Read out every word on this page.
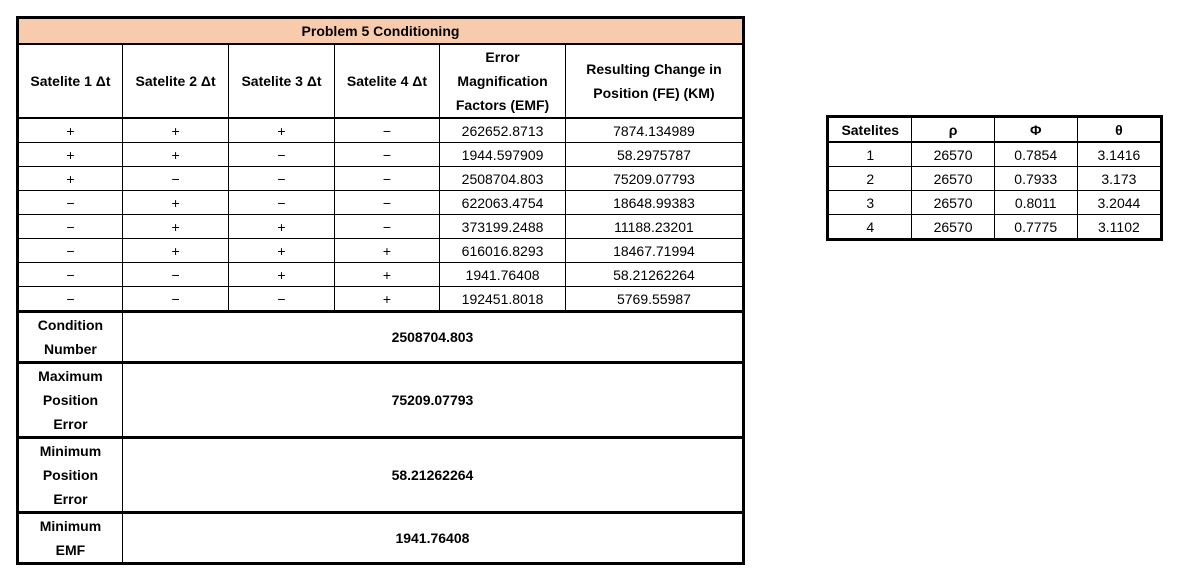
Problem 5 Conditioning					
Satelite 1 Δt	Satelite 2 Δt	Satelite 3 Δt	Satelite 4 Δt	Error Magnification Factors (EMF)	Resulting Change in Position (FE) (KM)
+	+	+	−	262652.8713	7874.134989
+	+	−	−	1944.597909	58.2975787
+	−	−	−	2508704.803	75209.07793
−	+	−	−	622063.4754	18648.99383
−	+	+	−	373199.2488	11188.23201
−	+	+	+	616016.8293	18467.71994
−	−	+	+	1941.76408	58.21262264
−	−	−	+	192451.8018	5769.55987
Condition Number	2508704.803				
Maximum Position Error	75209.07793				
Minimum Position Error	58.21262264				
Minimum EMF	1941.76408				
Satelites	ρ	Φ	θ
1	26570	0.7854	3.1416
2	26570	0.7933	3.173
3	26570	0.8011	3.2044
4	26570	0.7775	3.1102
